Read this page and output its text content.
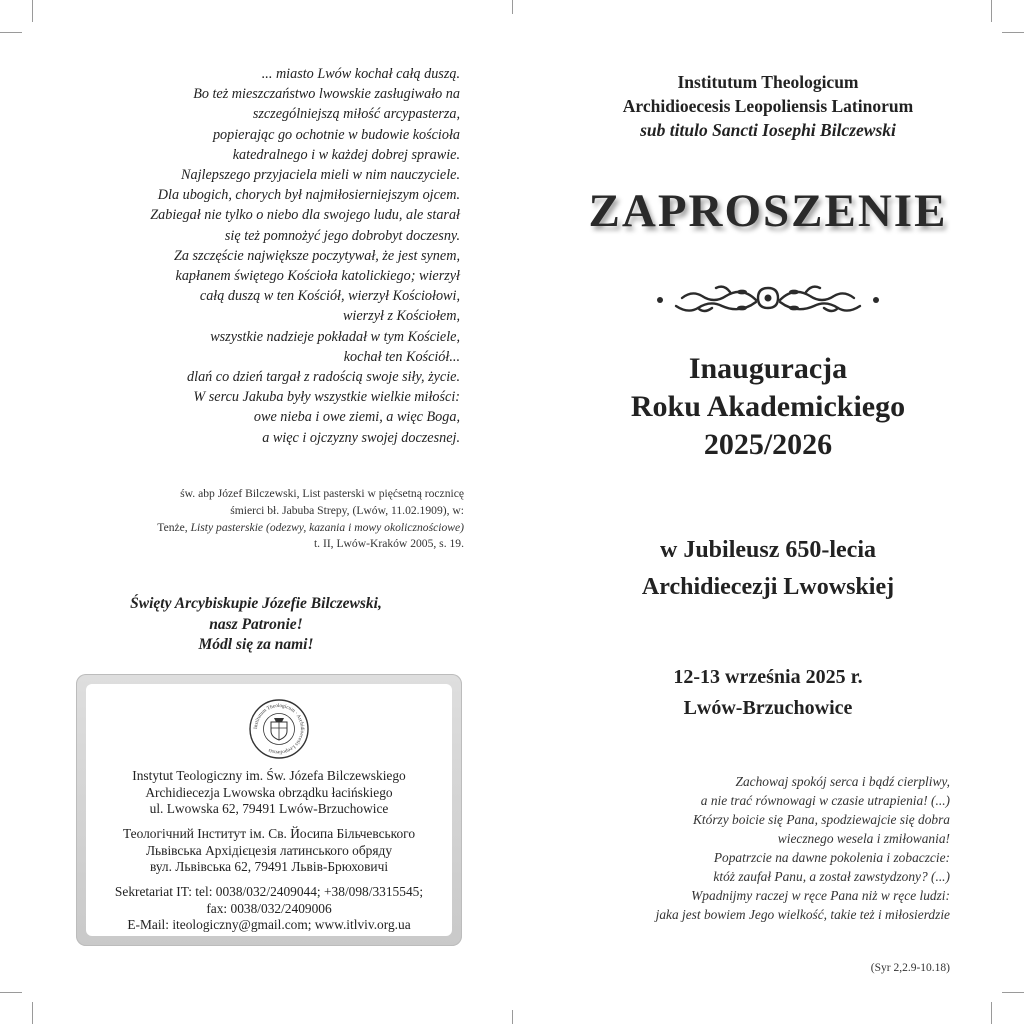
... miasto Lwów kochał całą duszą.
Bo też mieszczaństwo lwowskie zasługiwało na
szczególniejszą miłość arcypasterza,
popierając go ochotnie w budowie kościoła
katedralnego i w każdej dobrej sprawie.
Najlepszego przyjaciela mieli w nim nauczyciele.
Dla ubogich, chorych był najmiłosierniejszym ojcem.
Zabiegał nie tylko o niebo dla swojego ludu, ale starał
się też pomnożyć jego dobrobyt doczesny.
Za szczęście największe poczytywał, że jest synem,
kapłanem świętego Kościoła katolickiego; wierzył
całą duszą w ten Kościół, wierzył Kościołowi,
wierzył z Kościołem,
wszystkie nadzieje pokładał w tym Kościele,
kochał ten Kościół...
dlań co dzień targał z radością swoje siły, życie.
W sercu Jakuba były wszystkie wielkie miłości:
owe nieba i owe ziemi, a więc Boga,
a więc i ojczyzny swojej doczesnej.
św. abp Józef Bilczewski, List pasterski w pięćsetną rocznicę
śmierci bł. Jabuba Strepy, (Lwów, 11.02.1909), w:
Tenże, Listy pasterskie (odezwy, kazania i mowy okolicznościowe)
t. II, Lwów-Kraków 2005, s. 19.
Święty Arcybiskupie Józefie Bilczewski,
nasz Patronie!
Módl się za nami!
Institutum Theologicum · Archidioecesis Leopoliensis
Instytut Teologiczny im. Św. Józefa Bilczewskiego
Archidiecezja Lwowska obrządku łacińskiego
ul. Lwowska 62, 79491 Lwów-Brzuchowice
Теологічний Інститут ім. Св. Йосипа Більчевського
Львівська Архідієцезія латинського обряду
вул. Львівська 62, 79491 Львів-Брюховичі
Sekretariat IT: tel: 0038/032/2409044; +38/098/3315545;
fax: 0038/032/2409006
E-Mail: iteologiczny@gmail.com; www.itlviv.org.ua
Institutum Theologicum
Archidioecesis Leopoliensis Latinorum
sub titulo Sancti Iosephi Bilczewski
ZAPROSZENIE
Inauguracja
Roku Akademickiego
2025/2026
w Jubileusz 650-lecia
Archidiecezji Lwowskiej
12-13 września 2025 r.
Lwów-Brzuchowice
Zachowaj spokój serca i bądź cierpliwy,
a nie trać równowagi w czasie utrapienia! (...)
Którzy boicie się Pana, spodziewajcie się dobra
wiecznego wesela i zmiłowania!
Popatrzcie na dawne pokolenia i zobaczcie:
któż zaufał Panu, a został zawstydzony? (...)
Wpadnijmy raczej w ręce Pana niż w ręce ludzi:
jaka jest bowiem Jego wielkość, takie też i miłosierdzie
(Syr 2,2.9-10.18)
